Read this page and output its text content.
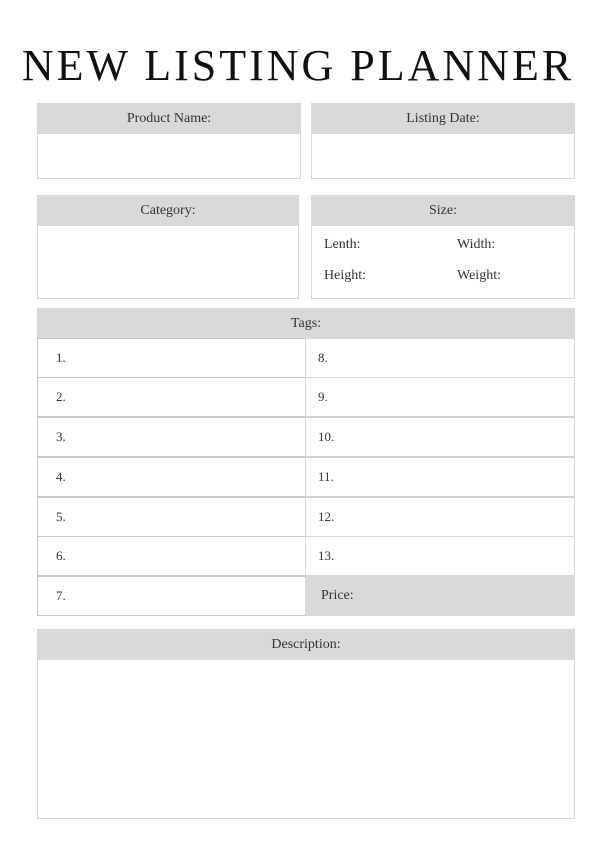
NEW LISTING PLANNER
Product Name:	Listing Date:
Category:	Size:
Lenth:	Width:
Height:	Weight:
Tags:
1.
2.
3.
4.
5.
6.
7.
8.
9.
10.
11.
12.
13.
Price:
Description:
